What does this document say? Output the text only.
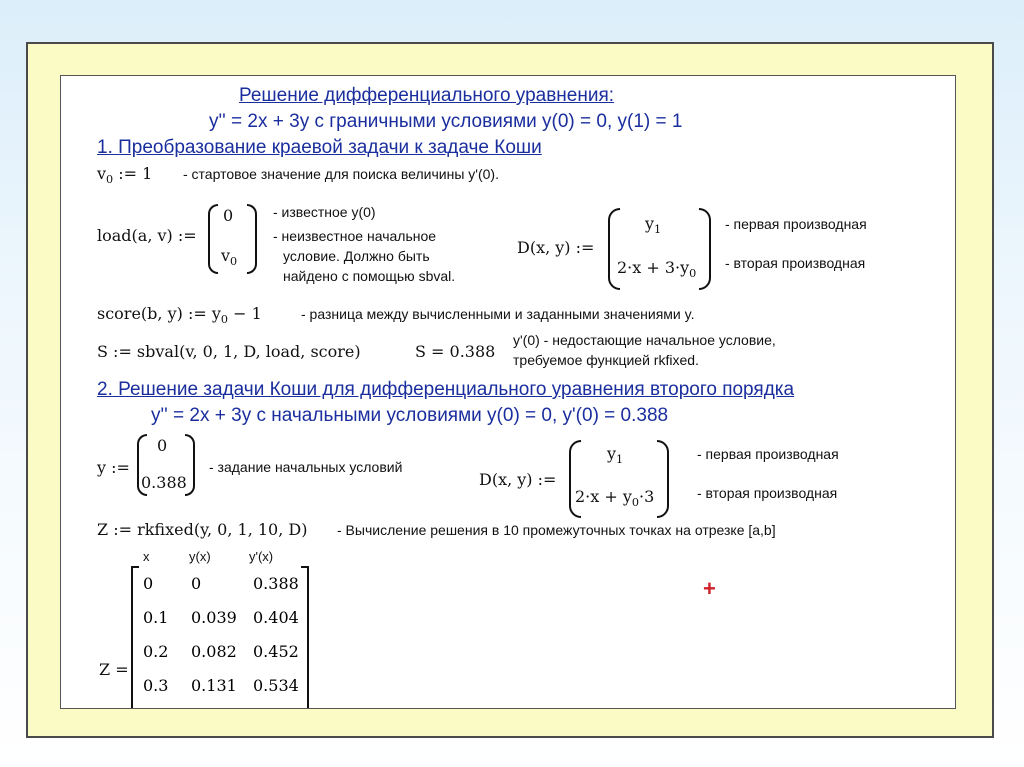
Решение дифференциального уравнения:
y'' = 2x + 3y с граничными условиями y(0) = 0, y(1) = 1
1. Преобразование краевой задачи к задаче Коши
$v_0$ := 1 - стартовое значение для поиска величины y'(0).
load(a, v) :=
0
$v_0$
- известное y(0)
- неизвестное начальное
условие. Должно быть
найдено с помощью sbval.
D(x, y) :=
$y_1$
$2\cdot x + 3\cdot y_0$
- первая производная
- вторая производная
score(b, y) := $y_0 - 1$	- разница между вычисленными и заданными значениями y.
S := sbval(v, 0, 1, D, load, score)	S = 0.388
y'(0) - недостающие начальное условие,
требуемое функцией rkfixed.
2. Решение задачи Коши для дифференциального уравнения второго порядка
y'' = 2x + 3y с начальными условиями y(0) = 0, y'(0) = 0.388
y :=
0
0.388
- задание начальных условий
D(x, y) :=
$y_1$
$2\cdot x + y_0\cdot 3$
- первая производная
- вторая производная
Z := rkfixed(y, 0, 1, 10, D) - Вычисление решения в 10 промежуточных точках на отрезке [a,b]
x	y(x)	y'(x)
Z =
0	0	0.388
0.1	0.039	0.404
0.2	0.082	0.452
0.3	0.131	0.534
+
